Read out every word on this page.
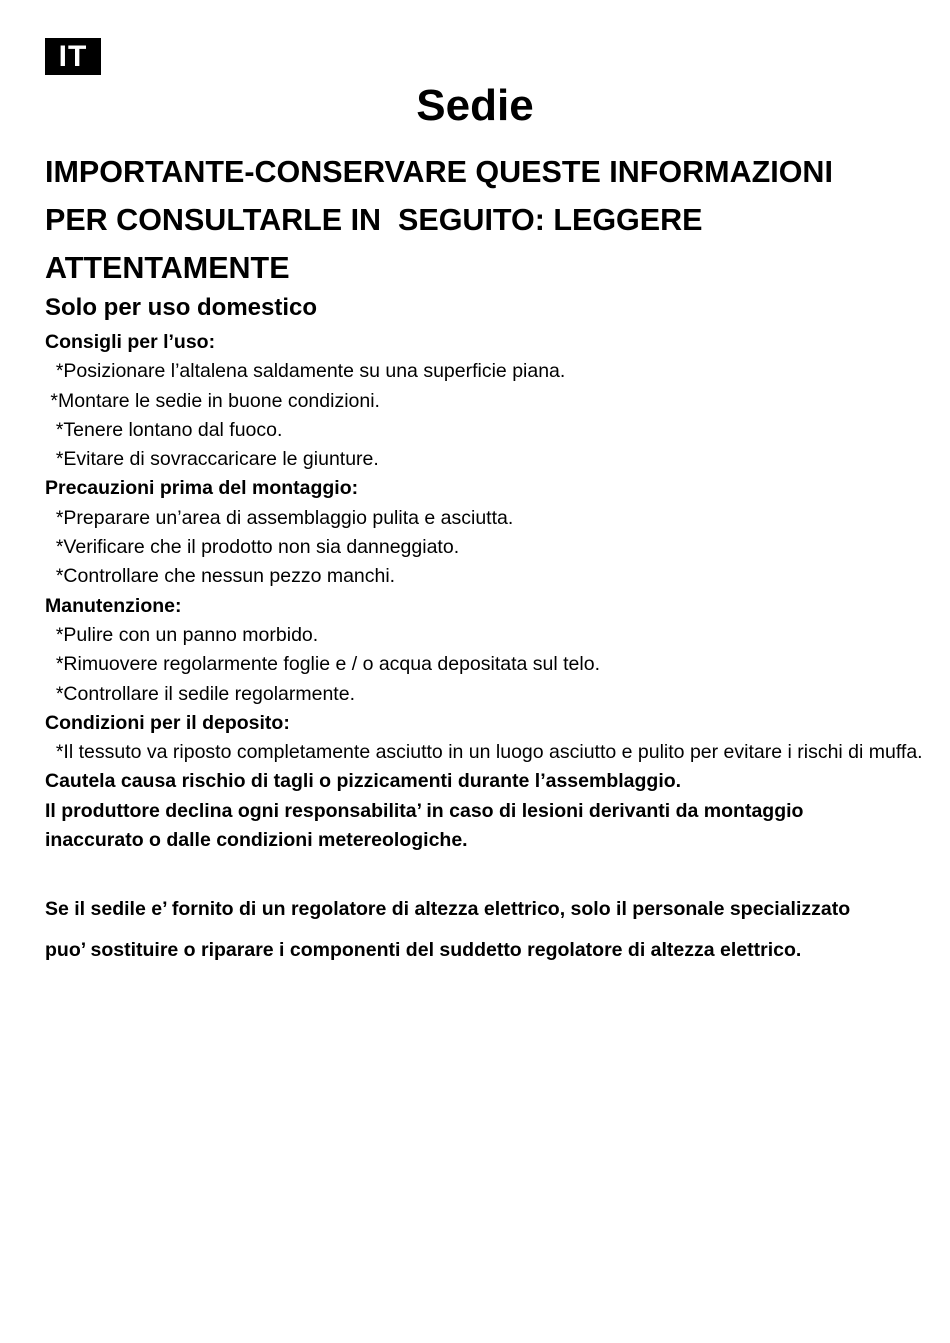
IT
Sedie
IMPORTANTE-CONSERVARE QUESTE INFORMAZIONI
PER CONSULTARLE IN  SEGUITO: LEGGERE
ATTENTAMENTE
Solo per uso domestico
Consigli per l’uso:
*Posizionare l’altalena saldamente su una superficie piana.
*Montare le sedie in buone condizioni.
*Tenere lontano dal fuoco.
*Evitare di sovraccaricare le giunture.
Precauzioni prima del montaggio:
*Preparare un’area di assemblaggio pulita e asciutta.
*Verificare che il prodotto non sia danneggiato.
*Controllare che nessun pezzo manchi.
Manutenzione:
*Pulire con un panno morbido.
*Rimuovere regolarmente foglie e / o acqua depositata sul telo.
*Controllare il sedile regolarmente.
Condizioni per il deposito:
*Il tessuto va riposto completamente asciutto in un luogo asciutto e pulito per evitare i rischi di muffa.
Cautela causa rischio di tagli o pizzicamenti durante l’assemblaggio.
Il produttore declina ogni responsabilita’ in caso di lesioni derivanti da montaggio
inaccurato o dalle condizioni metereologiche.
Se il sedile e’ fornito di un regolatore di altezza elettrico, solo il personale specializzato
puo’ sostituire o riparare i componenti del suddetto regolatore di altezza elettrico.
